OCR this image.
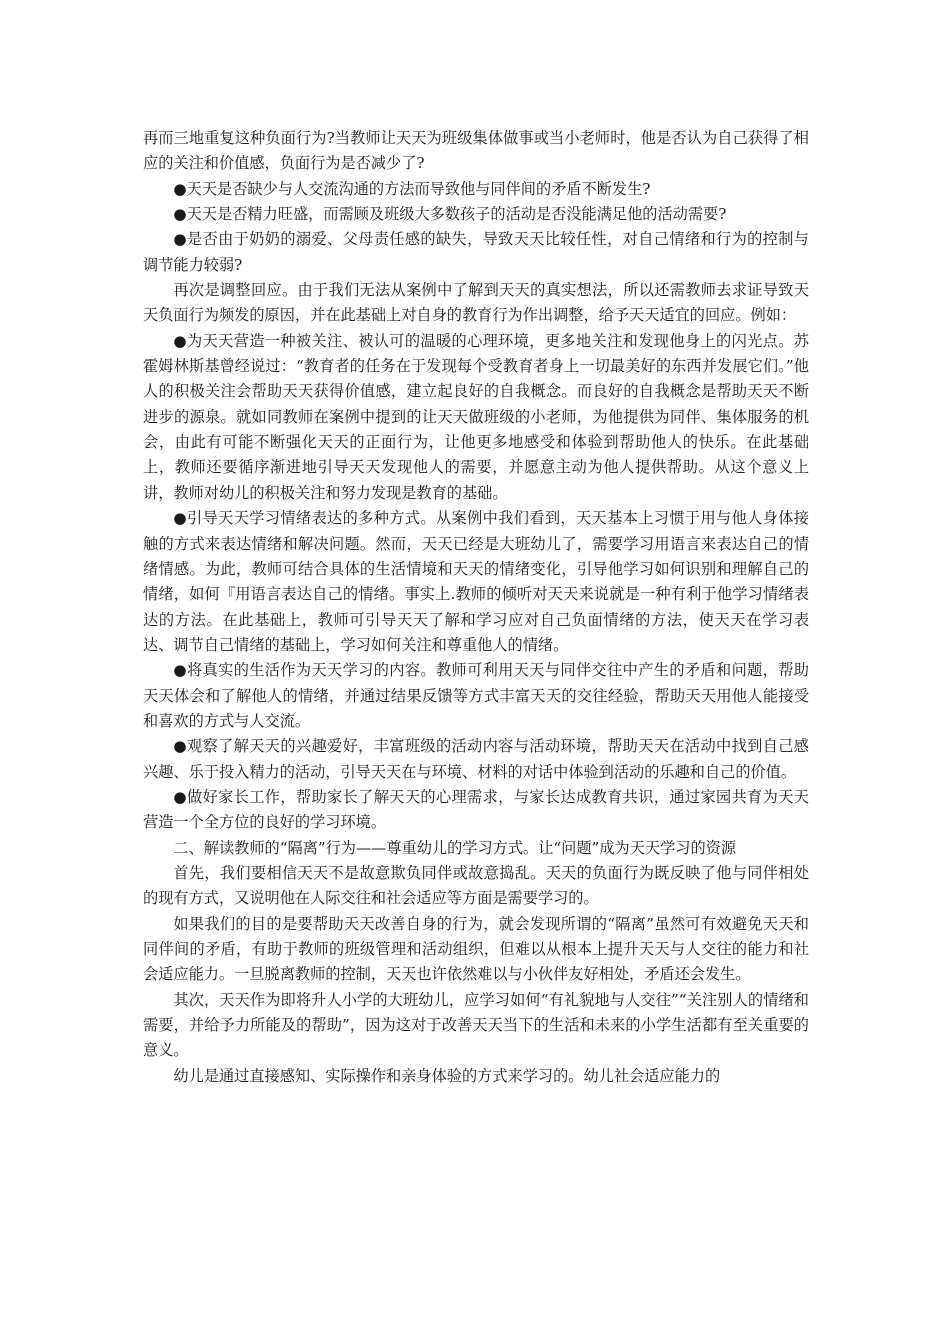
再而三地重复这种负面行为?当教师让天天为班级集体做事或当小老师时，他是否认为自己获得了相应的关注和价值感，负面行为是否减少了?

●天天是否缺少与人交流沟通的方法而导致他与同伴间的矛盾不断发生?

●天天是否精力旺盛，而需顾及班级大多数孩子的活动是否没能满足他的活动需要?

●是否由于奶奶的溺爱、父母责任感的缺失，导致天天比较任性，对自己情绪和行为的控制与调节能力较弱?

再次是调整回应。由于我们无法从案例中了解到天天的真实想法，所以还需教师去求证导致天天负面行为频发的原因，并在此基础上对自身的教育行为作出调整，给予天天适宜的回应。例如：

●为天天营造一种被关注、被认可的温暖的心理环境，更多地关注和发现他身上的闪光点。苏霍姆林斯基曾经说过：“教育者的任务在于发现每个受教育者身上一切最美好的东西并发展它们。”他人的积极关注会帮助天天获得价值感，建立起良好的自我概念。而良好的自我概念是帮助天天不断进步的源泉。就如同教师在案例中提到的让天天做班级的小老师，为他提供为同伴、集体服务的机会，由此有可能不断强化天天的正面行为，让他更多地感受和体验到帮助他人的快乐。在此基础上，教师还要循序渐进地引导天天发现他人的需要，并愿意主动为他人提供帮助。从这个意义上讲，教师对幼儿的积极关注和努力发现是教育的基础。

●引导天天学习情绪表达的多种方式。从案例中我们看到，天天基本上习惯于用与他人身体接触的方式来表达情绪和解决问题。然而，天天已经是大班幼儿了，需要学习用语言来表达自己的情绪情感。为此，教师可结合具体的生活情境和天天的情绪变化，引导他学习如何识别和理解自己的情绪，如何『用语言表达自己的情绪。事实上.教师的倾听对天天来说就是一种有利于他学习情绪表达的方法。在此基础上，教师可引导天天了解和学习应对自己负面情绪的方法，使天天在学习表达、调节自己情绪的基础上，学习如何关注和尊重他人的情绪。

●将真实的生活作为天天学习的内容。教师可利用天天与同伴交往中产生的矛盾和问题，帮助天天体会和了解他人的情绪，并通过结果反馈等方式丰富天天的交往经验，帮助天天用他人能接受和喜欢的方式与人交流。

●观察了解天天的兴趣爱好，丰富班级的活动内容与活动环境，帮助天天在活动中找到自己感兴趣、乐于投入精力的活动，引导天天在与环境、材料的对话中体验到活动的乐趣和自己的价值。

●做好家长工作，帮助家长了解天天的心理需求，与家长达成教育共识，通过家园共育为天天营造一个全方位的良好的学习环境。

二、解读教师的“隔离”行为——尊重幼儿的学习方式。让“问题”成为天天学习的资源

首先，我们要相信天天不是故意欺负同伴或故意捣乱。天天的负面行为既反映了他与同伴相处的现有方式，又说明他在人际交往和社会适应等方面是需要学习的。

如果我们的目的是要帮助天天改善自身的行为，就会发现所谓的“隔离”虽然可有效避免天天和同伴间的矛盾，有助于教师的班级管理和活动组织，但难以从根本上提升天天与人交往的能力和社会适应能力。一旦脱离教师的控制，天天也许依然难以与小伙伴友好相处，矛盾还会发生。

其次，天天作为即将升人小学的大班幼儿，应学习如何“有礼貌地与人交往”“关注别人的情绪和需要，并给予力所能及的帮助”，因为这对于改善天天当下的生活和未来的小学生活都有至关重要的意义。

幼儿是通过直接感知、实际操作和亲身体验的方式来学习的。幼儿社会适应能力的
